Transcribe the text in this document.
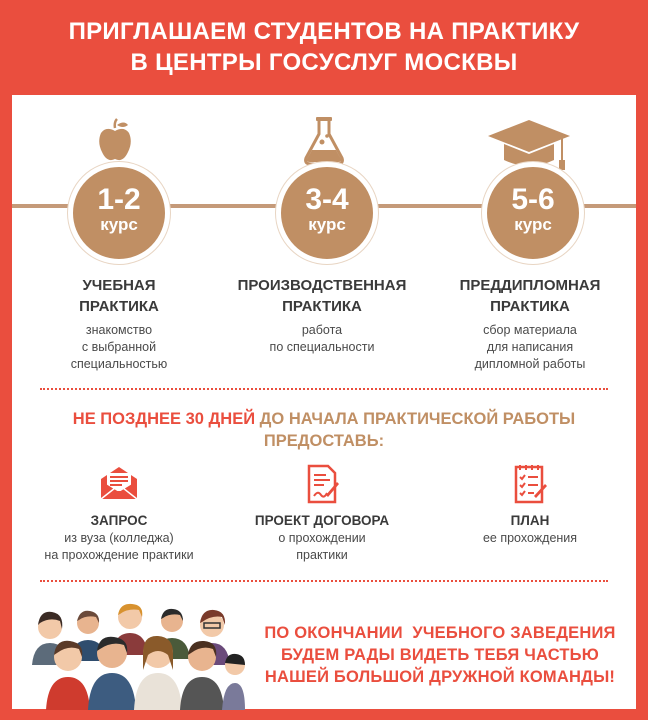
ПРИГЛАШАЕМ СТУДЕНТОВ НА ПРАКТИКУ
В ЦЕНТРЫ ГОСУСЛУГ МОСКВЫ
1-2
курс
УЧЕБНАЯ
ПРАКТИКА
знакомство
с выбранной
специальностью
3-4
курс
ПРОИЗВОДСТВЕННАЯ
ПРАКТИКА
работа
по специальности
5-6
курс
ПРЕДДИПЛОМНАЯ
ПРАКТИКА
сбор материала
для написания
дипломной работы
НЕ ПОЗДНЕЕ 30 ДНЕЙ ДО НАЧАЛА ПРАКТИЧЕСКОЙ РАБОТЫ
ПРЕДОСТАВЬ:
ЗАПРОС
из вуза (колледжа)
на прохождение практики
ПРОЕКТ ДОГОВОРА
о прохождении
практики
ПЛАН
ее прохождения
ПО ОКОНЧАНИИ  УЧЕБНОГО ЗАВЕДЕНИЯ
БУДЕМ РАДЫ ВИДЕТЬ ТЕБЯ ЧАСТЬЮ
НАШЕЙ БОЛЬШОЙ ДРУЖНОЙ КОМАНДЫ!
